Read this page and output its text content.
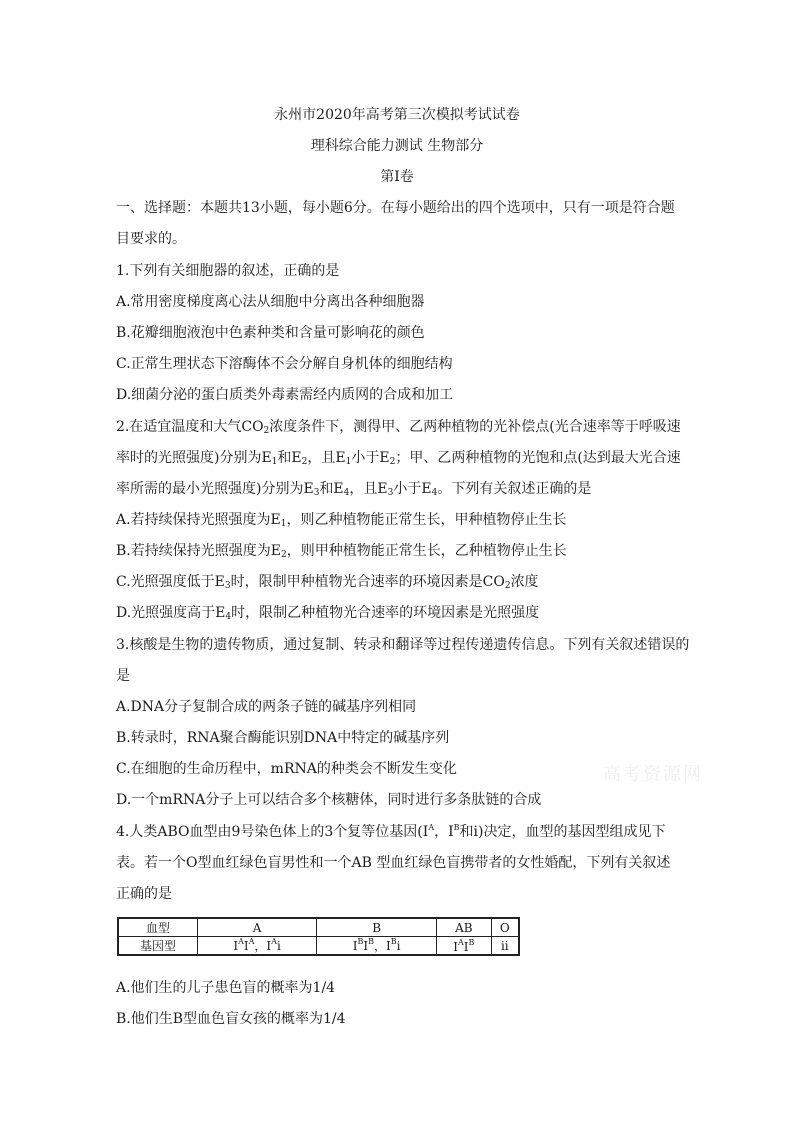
永州市2020年高考第三次模拟考试试卷
理科综合能力测试 生物部分
第Ⅰ卷
一、选择题：本题共13小题，每小题6分。在每小题给出的四个选项中，只有一项是符合题
目要求的。
1.下列有关细胞器的叙述，正确的是
A.常用密度梯度离心法从细胞中分离出各种细胞器
B.花瓣细胞液泡中色素种类和含量可影响花的颜色
C.正常生理状态下溶酶体不会分解自身机体的细胞结构
D.细菌分泌的蛋白质类外毒素需经内质网的合成和加工
2.在适宜温度和大气$CO_2$浓度条件下，测得甲、乙两种植物的光补偿点(光合速率等于呼吸速
率时的光照强度)分别为$E_1$和$E_2$，且$E_1$小于$E_2$；甲、乙两种植物的光饱和点(达到最大光合速
率所需的最小光照强度)分别为$E_3$和$E_4$，且$E_3$小于$E_4$。下列有关叙述正确的是
A.若持续保持光照强度为$E_1$，则乙种植物能正常生长，甲种植物停止生长
B.若持续保持光照强度为$E_2$，则甲种植物能正常生长，乙种植物停止生长
C.光照强度低于$E_3$时，限制甲种植物光合速率的环境因素是$CO_2$浓度
D.光照强度高于$E_4$时，限制乙种植物光合速率的环境因素是光照强度
3.核酸是生物的遗传物质，通过复制、转录和翻译等过程传递遗传信息。下列有关叙述错误的
是
A.DNA分子复制合成的两条子链的碱基序列相同
B.转录时，RNA聚合酶能识别DNA中特定的碱基序列
C.在细胞的生命历程中，mRNA的种类会不断发生变化
D.一个mRNA分子上可以结合多个核糖体，同时进行多条肽链的合成
高考资源网
4.人类ABO血型由9号染色体上的3个复等位基因($I^A$，$I^B$和i)决定，血型的基因型组成见下
表。若一个O型血红绿色盲男性和一个AB 型血红绿色盲携带者的女性婚配，下列有关叙述
正确的是
血型	A	B	AB	O
基因型	$I^AI^A$，$I^Ai$	$I^BI^B$，$I^Bi$	$I^AI^B$	ii
A.他们生的儿子患色盲的概率为1/4
B.他们生B型血色盲女孩的概率为1/4
